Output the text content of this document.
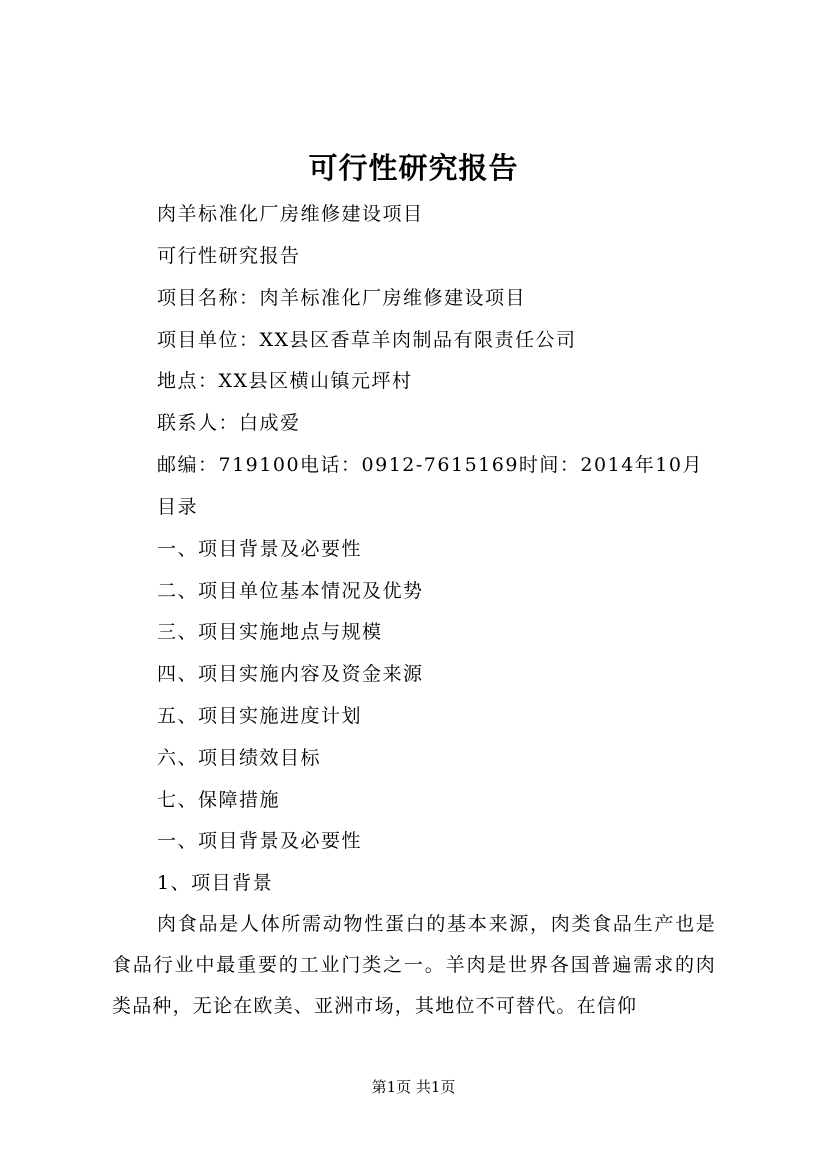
可行性研究报告
肉羊标准化厂房维修建设项目
可行性研究报告
项目名称：肉羊标准化厂房维修建设项目
项目单位：XX县区香草羊肉制品有限责任公司
地点：XX县区横山镇元坪村
联系人：白成爱
邮编：719100电话：0912-7615169时间：2014年10月
目录
一、项目背景及必要性
二、项目单位基本情况及优势
三、项目实施地点与规模
四、项目实施内容及资金来源
五、项目实施进度计划
六、项目绩效目标
七、保障措施
一、项目背景及必要性
1、项目背景
肉食品是人体所需动物性蛋白的基本来源，肉类食品生产也是食品行业中最重要的工业门类之一。羊肉是世界各国普遍需求的肉类品种，无论在欧美、亚洲市场，其地位不可替代。在信仰
第1页 共1页
